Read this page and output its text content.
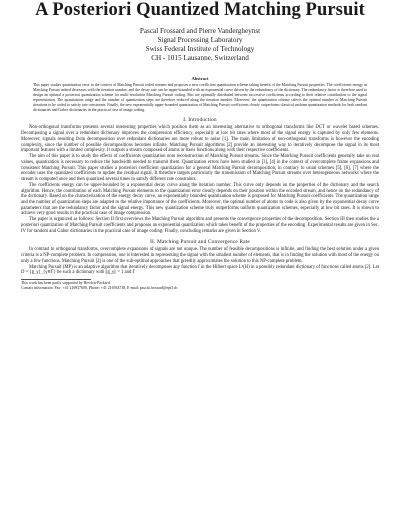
A Posteriori Quantized Matching Pursuit
Pascal Frossard and Pierre Vandergheynst
Signal Processing Laboratory
Swiss Federal Institute of Technology
CH - 1015 Lausanne, Switzerland
Abstract

This paper studies quantization error in the context of Matching Pursuit coded streams and proposes a new coefficient quantization scheme taking benefit of the Matching Pursuit properties. The coefficients energy in Matching Pursuit indeed decreases with the iteration number, and the decay rate can be upper-bounded with an exponential curve driven by the redundancy of the dictionary. The redundancy factor is therefore used to design an optimal a posteriori quantization scheme for multi-resolution Matching Pursuit coding. Bits are optimally distributed between successive coefficients according to their relative contribution to the signal representation. The quantization range and the number of quantization steps are therefore reduced along the iteration number. Moreover, the quantization scheme selects the optimal number of Matching Pursuit iterations to be coded to satisfy rate constraints. Finally, the new exponentially upper-bounded quantization of Matching Pursuit coefficients clearly outperforms classical uniform quantization methods for both random dictionaries and Gabor dictionaries in the practical case of image coding.

I. Introduction

Non-orthogonal transforms presents several interesting properties which position them as an interesting alternative to orthogonal transforms like DCT or wavelet based schemes. Decomposing a signal over a redundant dictionary improves the compression efficiency, especially at low bit rates where most of the signal energy is captured by only few elements. Moreover, signals resulting from decomposition over redundant dictionaries are more robust to noise [1]. The main limitation of non-orthogonal transforms is however the encoding complexity, since the number of possible decompositions becomes infinite. Matching Pursuit algorithms [2] provide an interesting way to iteratively decompose the signal in its most important features with a limited complexity. It outputs a stream composed of atoms or basis functions along with their respective coefficients.

The aim of this paper is to study the effects of coefficients quantization onto reconstruction of Matching Pursuit streams. Since the Matching Pursuit coefficients generally take on real values, quantization is necessary to reduce the bandwidth needed to transmit them. Quantization errors have been studied in [3], [4] in the context of overcomplete frame expansions and consistent Matching Pursuit. This paper studies a posteriori coefficient quantization for a general Matching Pursuit decomposition, in contrary to usual schemes [5], [6], [7] where the encoder uses the quantized coefficients to update the residual signal. It therefore targets particularly the transmission of Matching Pursuit streams over heterogeneous networks where the stream is computed once and then quantized several times to satisfy different rate constraints.

The coefficients energy can be upper-bounded by a exponential decay curve along the iteration number. This curve only depends on the properties of the dictionary and the search algorithm. Hence, the contribution of each Matching Pursuit elements to the quantization error clearly depends on their position within the encoded stream, and hence on the redundancy of the dictionary. Based on the characterization of the energy decay curve, an exponentially bounded quantization scheme is proposed for Matching Pursuit coefficients. The quantization range and the number of quantization steps are adapted to the relative importance of the coefficients. Moreover, the optimal number of atoms to code is also given by the exponential decay curve parameters that are the redundancy factor and the signal energy. This new quantization scheme truly outperforms uniform quantization schemes, especially at low bit rates. It is shown to achieve very good results in the practical case of image compression.

The paper is organized as follows: Section II first overviews the Matching Pursuit algorithm and presents the convergence properties of the decomposition. Section III then studies the a posteriori quantization of Matching Pursuit coefficients and proposes an exponential quantization which takes benefit of the properties of the encoding. Experimental results are given in Sec. IV for random and Gabor dictionaries in the practical case of image coding. Finally, concluding remarks are given in Section V.

II. Matching Pursuit and Convergence Rate

In contrast to orthogonal transforms, overcomplete expansions of signals are not unique. The number of feasible decompositions is infinite, and finding the best solution under a given criteria is a NP-complete problem. In compression, one is interested in representing the signal with the smallest number of elements, that is in finding the solution with most of the energy on only a few functions. Matching Pursuit [2] is one of the sub-optimal approaches that greedily approximates the solution to this NP-complete problem.

Matching Pursuit (MP) is an adaptive algorithm that iteratively decomposes any function f in the Hilbert space L²(H) in a possibly redundant dictionary of functions called atoms [2]. Let D = {g_γ}_{γ∈Γ} be such a dictionary with ||g_γ|| = 1 and Γ

This work has been partly supported by Hewlett-Packard.
Contact information: Fax: +41 216937600, Phone: +41 216934738, E-mail: pascal.frossard@epfl.ch
